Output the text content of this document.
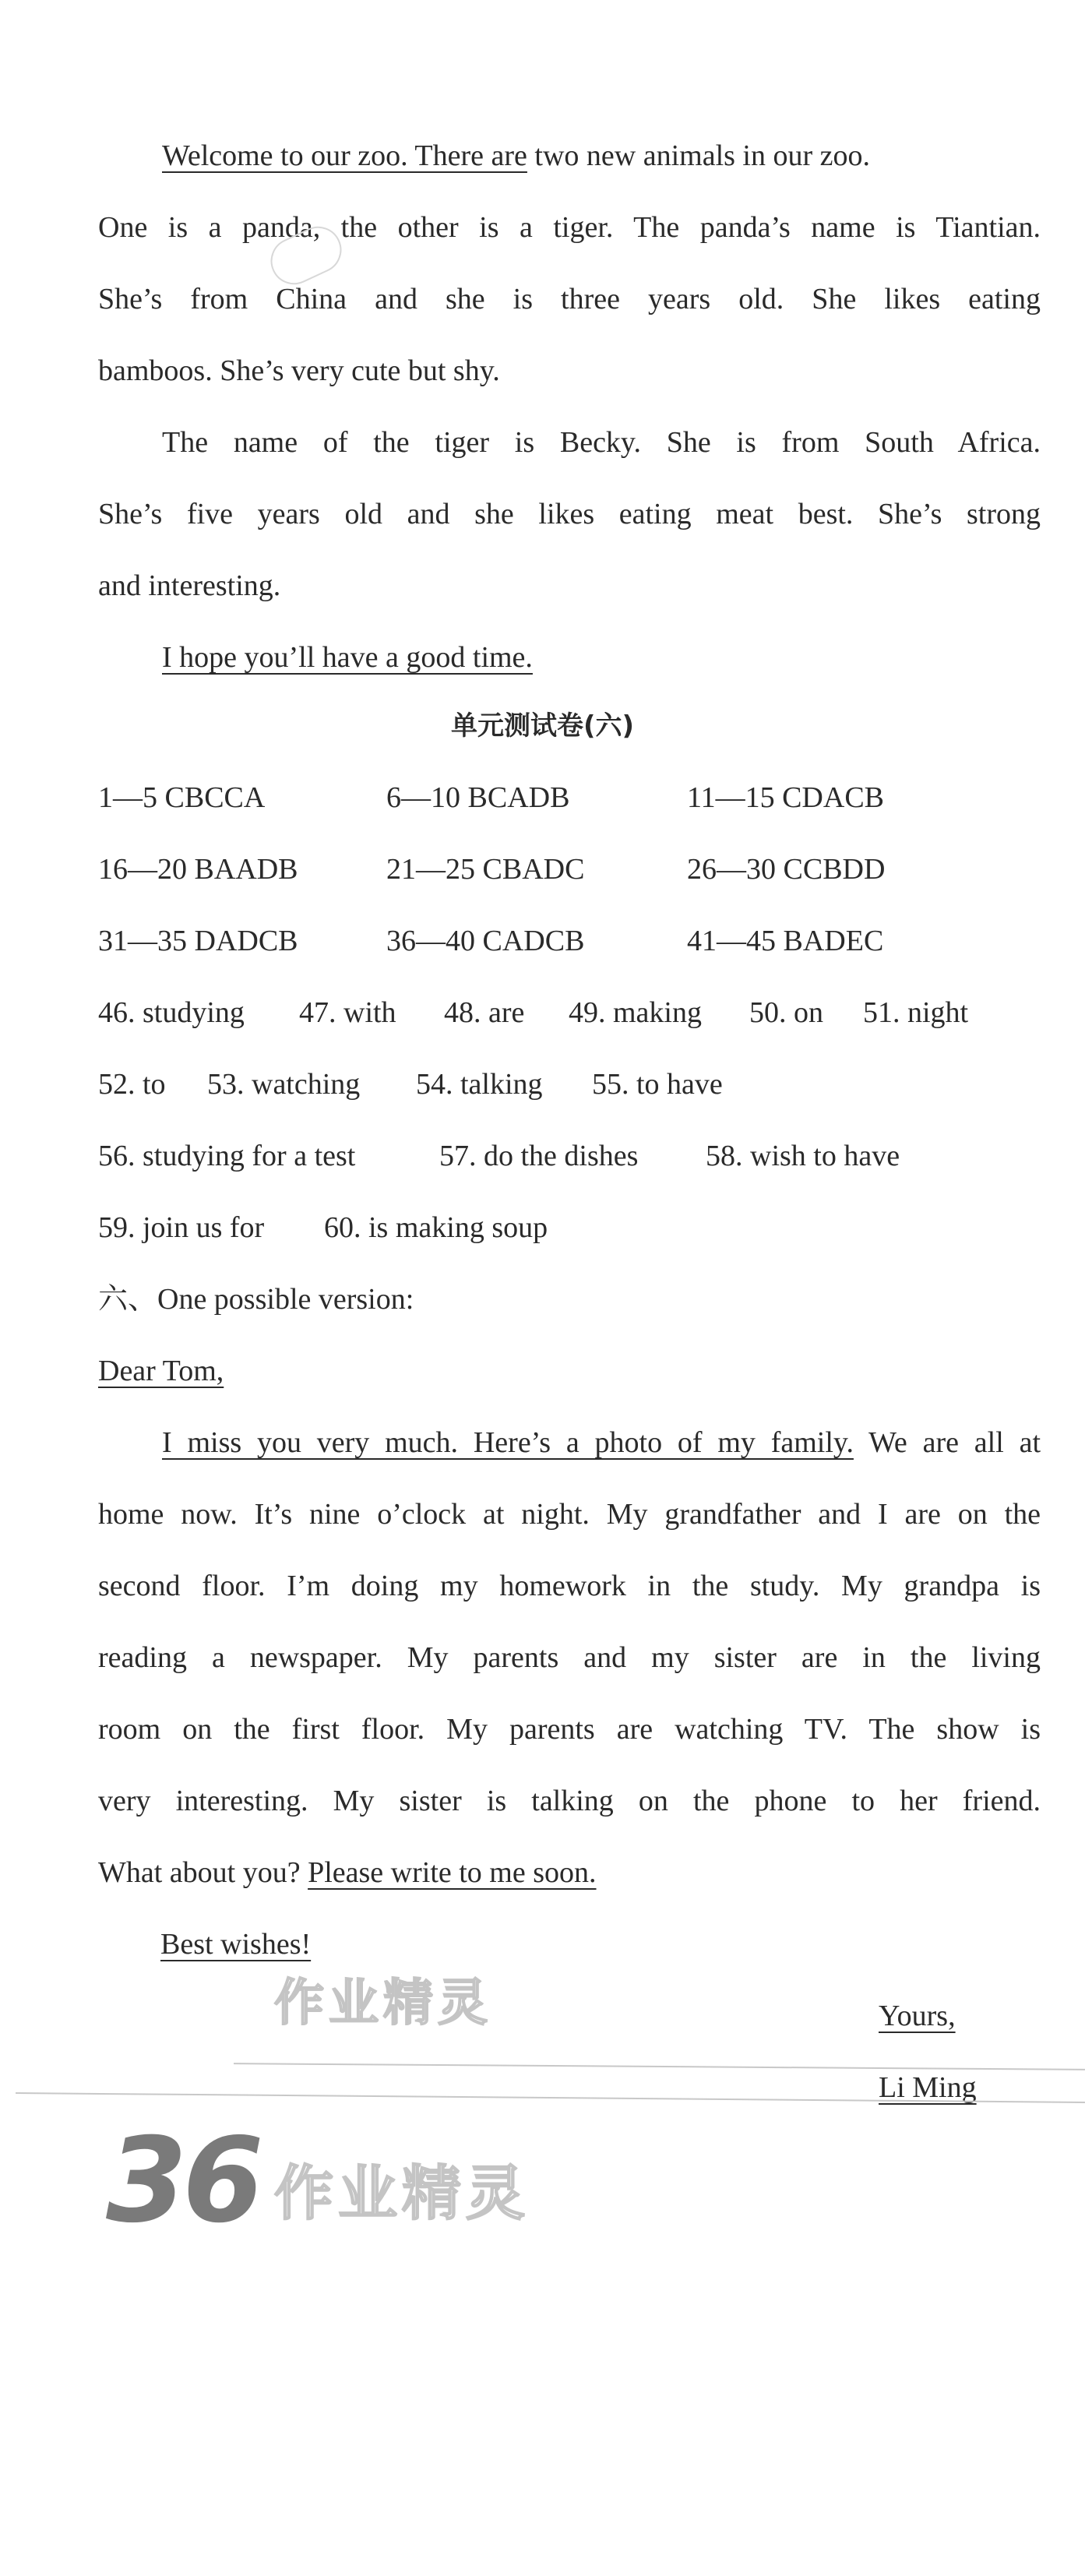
Welcome to our zoo. There are two new animals in our zoo.
One is a panda, the other is a tiger. The panda’s name is Tiantian.
She’s from China and she is three years old. She likes eating
bamboos. She’s very cute but shy.
The name of the tiger is Becky. She is from South Africa.
She’s five years old and she likes eating meat best. She’s strong
and interesting.
I hope you’ll have a good time.
单元测试卷(六)
1—5 CBCCA	6—10 BCADB	11—15 CDACB
16—20 BAADB	21—25 CBADC	26—30 CCBDD
31—35 DADCB	36—40 CADCB	41—45 BADEC
46. studying 47. with 48. are 49. making 50. on 51. night
52. to 53. watching 54. talking 55. to have
56. studying for a test	57. do the dishes 58. wish to have
59. join us for 60. is making soup
六、One possible version:
Dear Tom,
I miss you very much. Here’s a photo of my family. We are all at
home now. It’s nine o’clock at night. My grandfather and I are on the
second floor. I’m doing my homework in the study. My grandpa is
reading a newspaper. My parents and my sister are in the living
room on the first floor. My parents are watching TV. The show is
very interesting. My sister is talking on the phone to her friend.
What about you? Please write to me soon.
Best wishes!
Yours,
Li Ming
作业精灵
作业精灵
36
